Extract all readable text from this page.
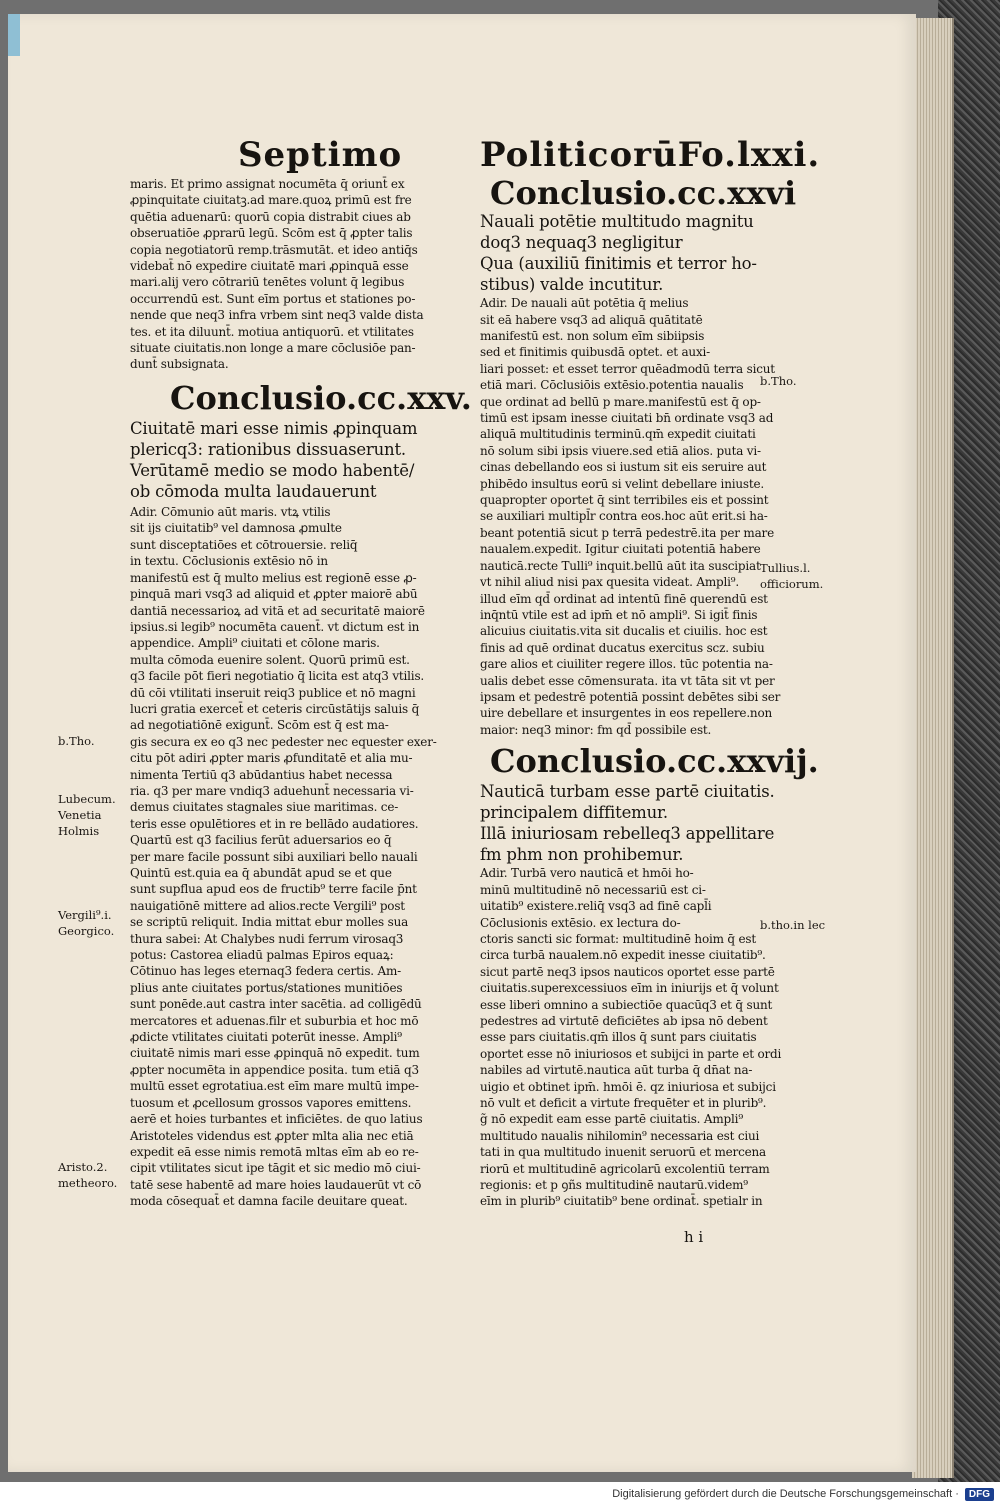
Septimo

maris. Et primo assignat nocumēta q̄ oriunt̄ ex

ꝓpinquitate ciuitatꝫ.ad mare.quoꝝ primū est fre

quētia aduenarū: quorū copia distrabit ciues ab

obseruatiōe ꝓprarū legū. Scōm est q̄ ꝓpter talis

copia negotiatorū remp.trāsmutāt. et ideo antiq̄s

videbat̄ nō expedire ciuitatē mari ꝓpinquā esse

mari.alij vero cōtrariū tenētes volunt q̄ legibus

occurrendū est. Sunt eīm portus et stationes po-

nende que neq3 infra vrbem sint neq3 valde dista

tes. et ita diluunt̄. motiua antiquorū. et vtilitates

situate ciuitatis.non longe a mare cōclusiōe pan-

dunt̄ subsignata.

Conclusio.cc.xxv.

Ciuitatē mari esse nimis ꝓpinquam

plericq3: rationibus dissuaserunt.

Verūtamē medio se modo habentē/

ob cōmoda multa laudauerunt

Adir. Cōmunio aūt maris. vtꝝ vtilis

sit ijs ciuitatib⁹ vel damnosa ꝓmulte

sunt disceptatiōes et cōtrouersie. reliq̄

in textu. Cōclusionis extēsio nō in

manifestū est q̄ multo melius est regionē esse ꝓ-

pinquā mari vsq3 ad aliquid et ꝓpter maiorē abū

dantiā necessarioꝝ ad vitā et ad securitatē maiorē

ipsius.si legib⁹ nocumēta cauent̄. vt dictum est in

appendice. Ampli⁹ ciuitati et cōlone maris.

multa cōmoda euenire solent. Quorū primū est.

q3 facile pōt fieri negotiatio q̄ licita est atq3 vtilis.

dū cōi vtilitati inseruit reiq3 publice et nō magni

lucri gratia exercet̄ et ceteris circūstātijs saluis q̄

ad negotiatiōnē exigunt̄. Scōm est q̄ est ma-

gis secura ex eo q3 nec pedester nec equester exer-

citu pōt adiri ꝓpter maris ꝓfunditatē et alia mu-

nimenta Tertiū q3 abūdantius habet necessa

ria. q3 per mare vndiq3 aduehunt̄ necessaria vi-

demus ciuitates stagnales siue maritimas. ce-

teris esse opulētiores et in re bellādo audatiores.

Quartū est q3 facilius ferūt aduersarios eo q̄

per mare facile possunt sibi auxiliari bello nauali

Quintū est.quia ea q̄ abundāt apud se et que

sunt supflua apud eos de fructib⁹ terre facile p̄nt

nauigatiōnē mittere ad alios.recte Vergili⁹ post

se scriptū reliquit. India mittat ebur molles sua

thura sabei: At Chalybes nudi ferrum virosaq3

potus: Castorea eliadū palmas Epiros equaꝝ:

Cōtinuo has leges eternaq3 federa certis. Am-

plius ante ciuitates portus/stationes munitiōes

sunt ponēde.aut castra inter sacētia. ad colligēdū

mercatores et aduenas.filr et suburbia et hoc mō

ꝓdicte vtilitates ciuitati poterūt inesse. Ampli⁹

ciuitatē nimis mari esse ꝓpinquā nō expedit. tum

ꝓpter nocumēta in appendice posita. tum etiā q3

multū esset egrotatiua.est eīm mare multū impe-

tuosum et ꝓcellosum grossos vapores emittens.

aerē et hoies turbantes et inficiētes. de quo latius

Aristoteles videndus est ꝓpter mlta alia nec etiā

expedit eā esse nimis remotā mltas eīm ab eo re-

cipit vtilitates sicut ipe tāgit et sic medio mō ciui-

tatē sese habentē ad mare hoies laudauerūt vt cō

moda cōsequat̄ et damna facile deuitare queat.

Politicorū Fo.lxxi.
Conclusio.cc.xxvi

Nauali potētie multitudo magnitu

doq3 nequaq3 negligitur

Qua (auxiliū finitimis et terror ho-

stibus) valde incutitur.

Adir. De nauali aūt potētia q̄ melius

sit eā habere vsq3 ad aliquā quātitatē

manifestū est. non solum eīm sibiipsis

sed et finitimis quibusdā optet. et auxi-

liari posset: et esset terror quēadmodū terra sicut

etiā mari. Cōclusiōis extēsio.potentia naualis

que ordinat ad bellū p mare.manifestū est q̄ op-

timū est ipsam inesse ciuitati bn̄ ordinate vsq3 ad

aliquā multitudinis terminū.qm̄ expedit ciuitati

nō solum sibi ipsis viuere.sed etiā alios. puta vi-

cinas debellando eos si iustum sit eis seruire aut

phibēdo insultus eorū si velint debellare iniuste.

quapropter oportet q̄ sint terribiles eis et possint

se auxiliari multipl̄r contra eos.hoc aūt erit.si ha-

beant potentiā sicut p terrā pedestrē.ita per mare

naualem.expedit. Igitur ciuitati potentiā habere

nauticā.recte Tulli⁹ inquit.bellū aūt ita suscipiat

vt nihil aliud nisi pax quesita videat. Ampli⁹.

illud eīm qd̄ ordinat ad intentū finē querendū est

inq̄ntū vtile est ad ipm̄ et nō ampli⁹. Si igit̄ finis

alicuius ciuitatis.vita sit ducalis et ciuilis. hoc est

finis ad quē ordinat ducatus exercitus scz. subiu

gare alios et ciuiliter regere illos. tūc potentia na-

ualis debet esse cōmensurata. ita vt tāta sit vt per

ipsam et pedestrē potentiā possint debētes sibi ser

uire debellare et insurgentes in eos repellere.non

maior: neq3 minor: fm qd̄ possibile est.

Conclusio.cc.xxvij.

Nauticā turbam esse partē ciuitatis.

principalem diffitemur.

Illā iniuriosam rebelleq3 appellitare

fm phm non prohibemur.

Adir. Turbā vero nauticā et hmōi ho-

minū multitudinē nō necessariū est ci-

uitatib⁹ existere.reliq̄ vsq3 ad finē capl̄i

Cōclusionis extēsio. ex lectura do-

ctoris sancti sic format: multitudinē hoim q̄ est

circa turbā naualem.nō expedit inesse ciuitatib⁹.

sicut partē neq3 ipsos nauticos oportet esse partē

ciuitatis.superexcessiuos eīm in iniurijs et q̄ volunt

esse liberi omnino a subiectiōe quacūq3 et q̄ sunt

pedestres ad virtutē deficiētes ab ipsa nō debent

esse pars ciuitatis.qm̄ illos q̄ sunt pars ciuitatis

oportet esse nō iniuriosos et subijci in parte et ordi

nabiles ad virtutē.nautica aūt turba q̄ dn̄at na-

uigio et obtinet ipm̄. hmōi ē. qz iniuriosa et subijci

nō vult et deficit a virtute frequēter et in plurib⁹.

g̃ nō expedit eam esse partē ciuitatis. Ampli⁹

multitudo naualis nihilomin⁹ necessaria est ciui

tati in qua multitudo inuenit seruorū et mercena

riorū et multitudinē agricolarū excolentiū terram

regionis: et p ꝯñs multitudinē nautarū.videm⁹

eīm in plurib⁹ ciuitatib⁹ bene ordinat̄. spetialr in

h i
b.Tho.
Tullius.l.
officiorum.
b.tho.in lec
b.Tho.
Lubecum.
Venetia
Holmis
Vergili⁹.i.
Georgico.
Aristo.2.
metheoro.
Digitalisierung gefördert durch die Deutsche Forschungsgemeinschaft ·	DFG
